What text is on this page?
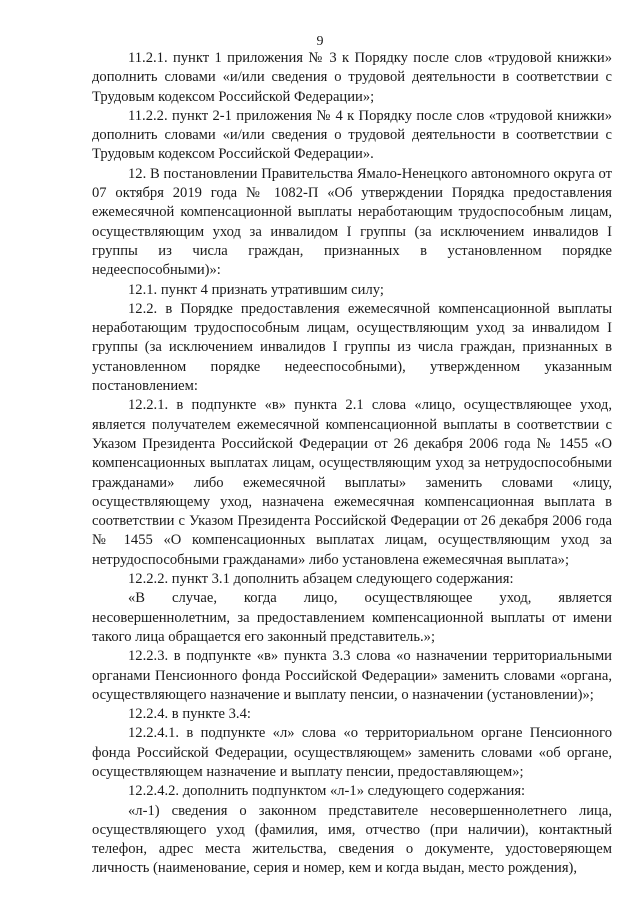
9

11.2.1. пункт 1 приложения № 3 к Порядку после слов «трудовой книжки» дополнить словами «и/или сведения о трудовой деятельности в соответствии с Трудовым кодексом Российской Федерации»;

11.2.2. пункт 2-1 приложения № 4 к Порядку после слов «трудовой книжки» дополнить словами «и/или сведения о трудовой деятельности в соответствии с Трудовым кодексом Российской Федерации».

12. В постановлении Правительства Ямало-Ненецкого автономного округа от 07 октября 2019 года № 1082-П «Об утверждении Порядка предоставления ежемесячной компенсационной выплаты неработающим трудоспособным лицам, осуществляющим уход за инвалидом I группы (за исключением инвалидов I группы из числа граждан, признанных в установленном порядке недееспособными)»:

12.1. пункт 4 признать утратившим силу;

12.2. в Порядке предоставления ежемесячной компенсационной выплаты неработающим трудоспособным лицам, осуществляющим уход за инвалидом I группы (за исключением инвалидов I группы из числа граждан, признанных в установленном порядке недееспособными), утвержденном указанным постановлением:

12.2.1. в подпункте «в» пункта 2.1 слова «лицо, осуществляющее уход, является получателем ежемесячной компенсационной выплаты в соответствии с Указом Президента Российской Федерации от 26 декабря 2006 года № 1455 «О компенсационных выплатах лицам, осуществляющим уход за нетрудоспособными гражданами» либо ежемесячной выплаты» заменить словами «лицу, осуществляющему уход, назначена ежемесячная компенсационная выплата в соответствии с Указом Президента Российской Федерации от 26 декабря 2006 года № 1455 «О компенсационных выплатах лицам, осуществляющим уход за нетрудоспособными гражданами» либо установлена ежемесячная выплата»;

12.2.2. пункт 3.1 дополнить абзацем следующего содержания:

«В случае, когда лицо, осуществляющее уход, является несовершеннолетним, за предоставлением компенсационной выплаты от имени такого лица обращается его законный представитель.»;

12.2.3. в подпункте «в» пункта 3.3 слова «о назначении территориальными органами Пенсионного фонда Российской Федерации» заменить словами «органа, осуществляющего назначение и выплату пенсии, о назначении (установлении)»;

12.2.4. в пункте 3.4:

12.2.4.1. в подпункте «л» слова «о территориальном органе Пенсионного фонда Российской Федерации, осуществляющем» заменить словами «об органе, осуществляющем назначение и выплату пенсии, предоставляющем»;

12.2.4.2. дополнить подпунктом «л-1» следующего содержания:

«л-1) сведения о законном представителе несовершеннолетнего лица, осуществляющего уход (фамилия, имя, отчество (при наличии), контактный телефон, адрес места жительства, сведения о документе, удостоверяющем личность (наименование, серия и номер, кем и когда выдан, место рождения),
